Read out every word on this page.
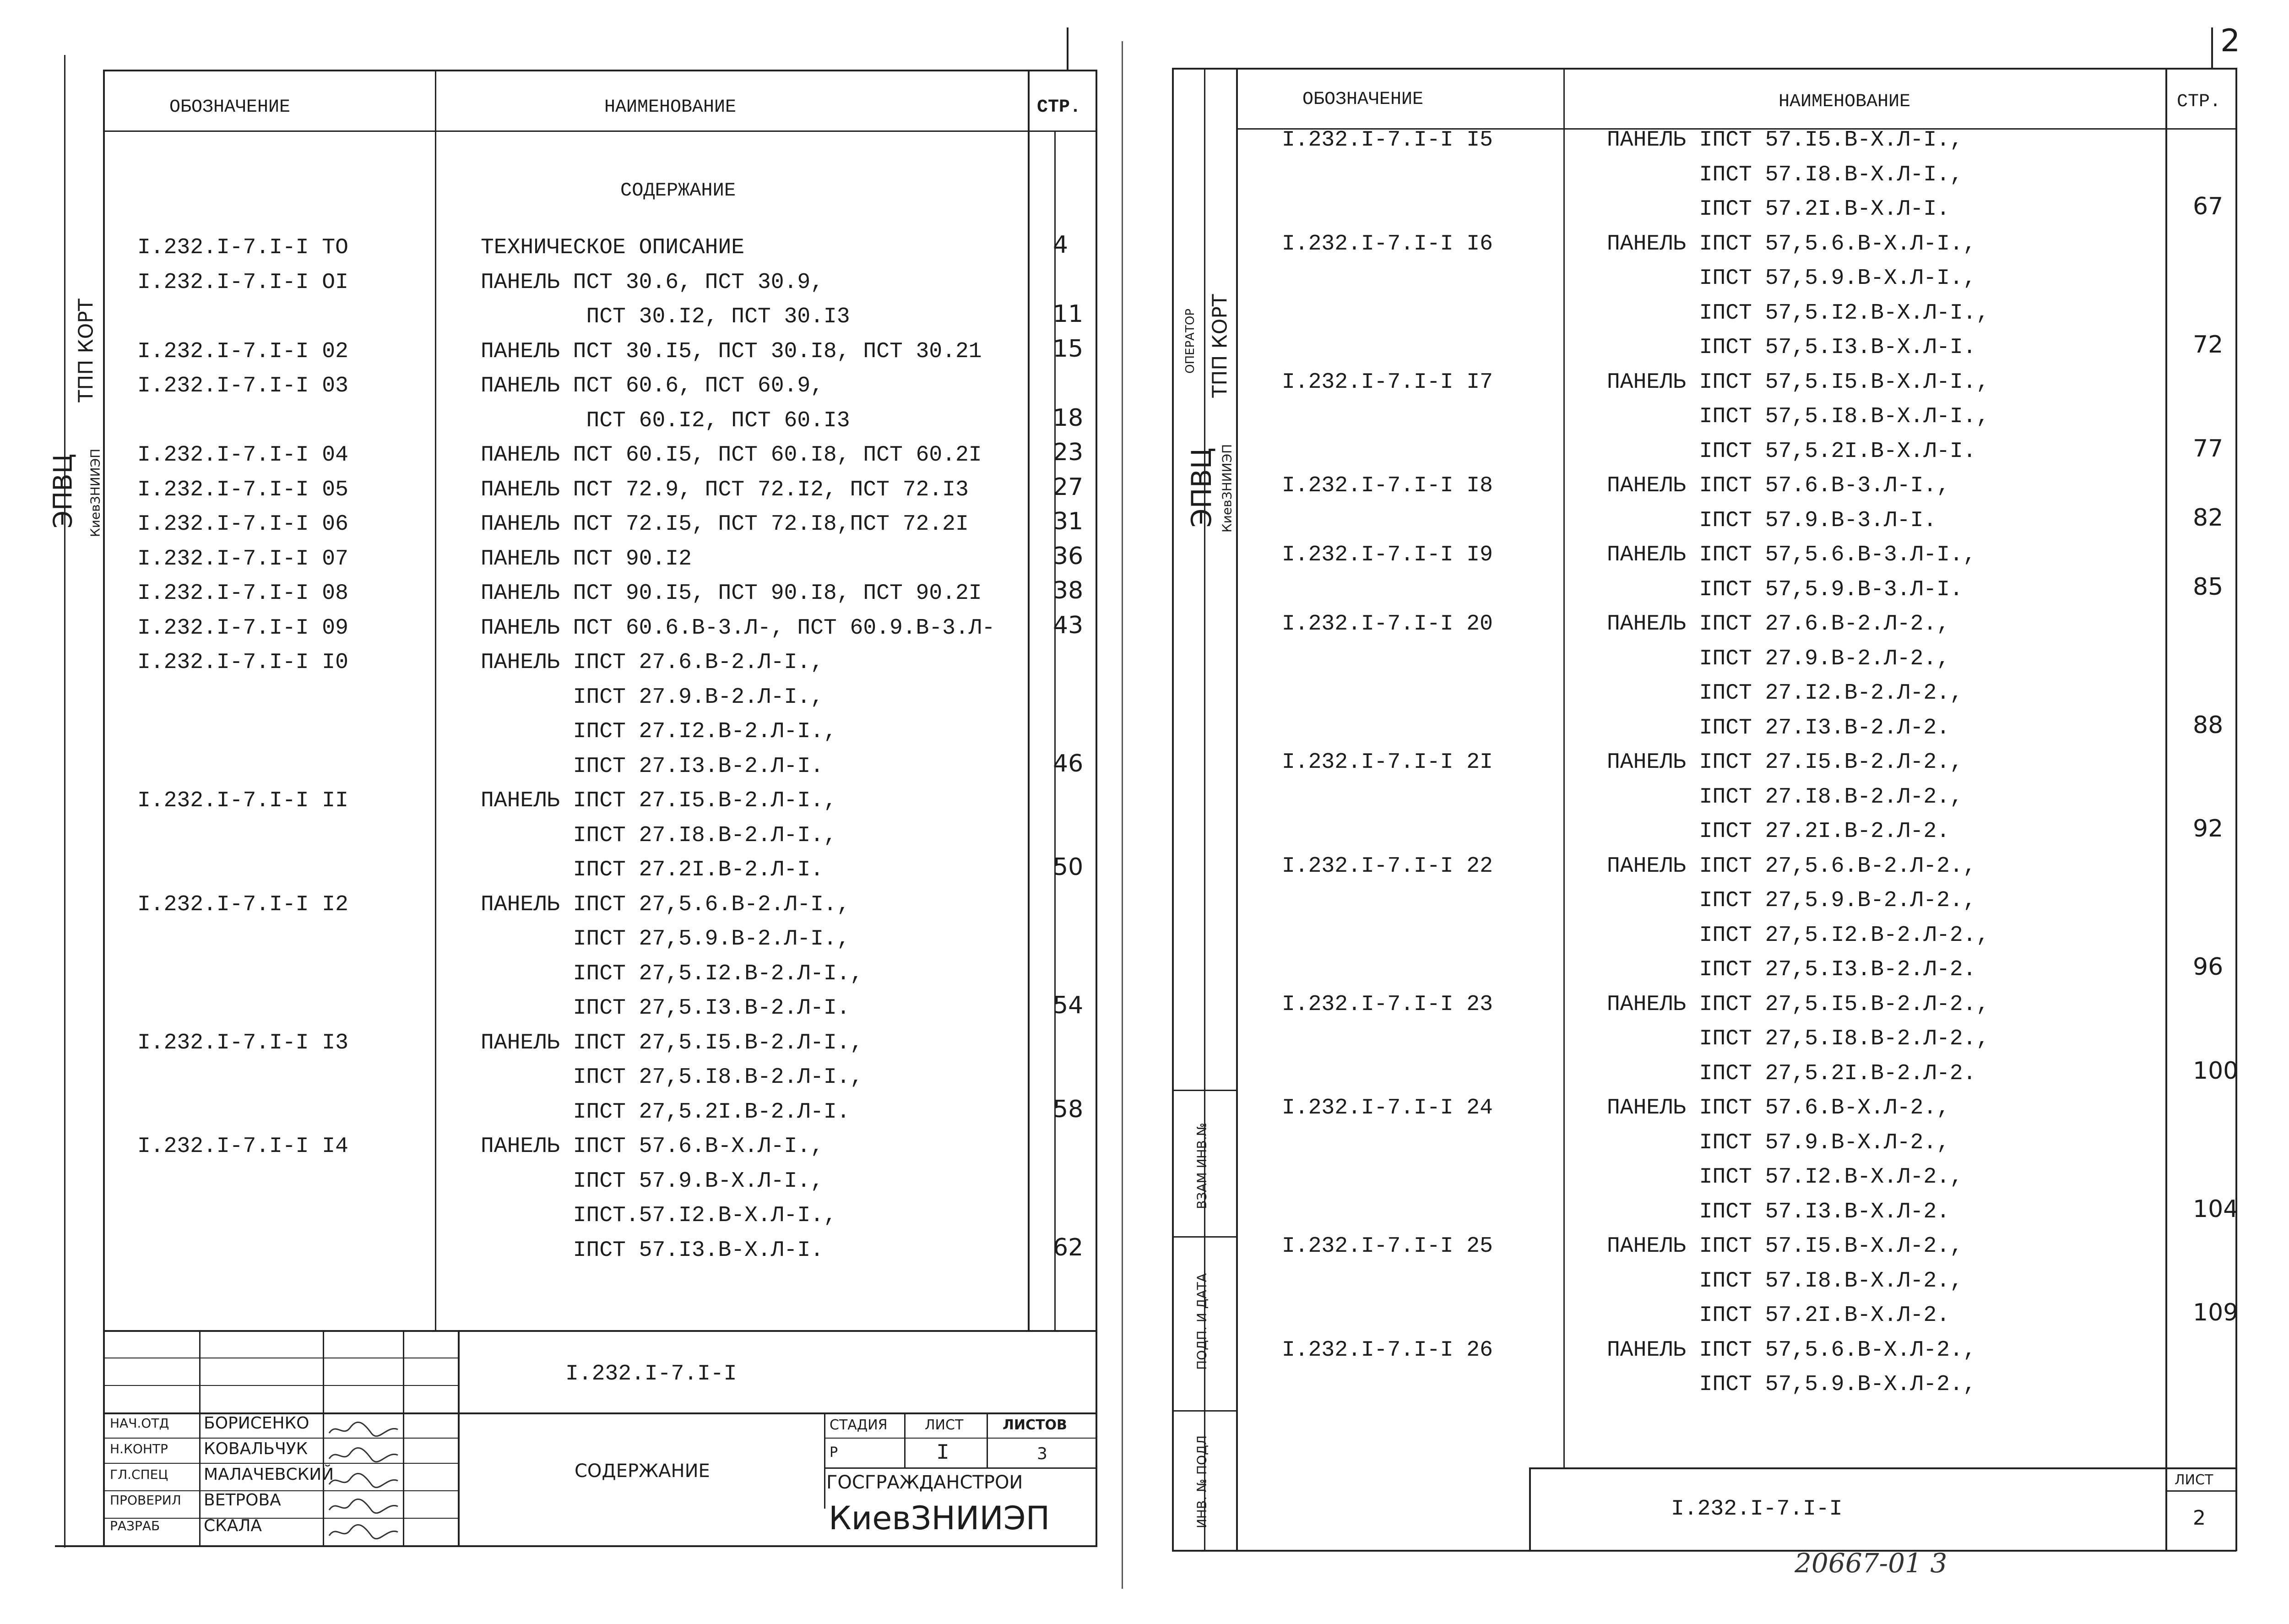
ОБОЗНАЧЕНИЕ	НАИМЕНОВАНИЕ	СТР.
СОДЕРЖАНИЕ
ТПП КОРТ
ЭПВЦ КиевЗНИИЭП
I.232.I-7.I-I ТО	ТЕХНИЧЕСКОЕ ОПИСАНИЕ	4
I.232.I-7.I-I OI	ПАНЕЛЬ ПСТ 30.6, ПСТ 30.9,
ПСТ 30.I2, ПСТ 30.I3	11
I.232.I-7.I-I 02	ПАНЕЛЬ ПСТ 30.I5, ПСТ 30.I8, ПСТ 30.21	15
I.232.I-7.I-I 03	ПАНЕЛЬ ПСТ 60.6, ПСТ 60.9,
ПСТ 60.I2, ПСТ 60.I3	18
I.232.I-7.I-I 04	ПАНЕЛЬ ПСТ 60.I5, ПСТ 60.I8, ПСТ 60.2I	23
I.232.I-7.I-I 05	ПАНЕЛЬ ПСТ 72.9, ПСТ 72.I2, ПСТ 72.I3	27
I.232.I-7.I-I 06	ПАНЕЛЬ ПСТ 72.I5, ПСТ 72.I8,ПСТ 72.2I	31
I.232.I-7.I-I 07	ПАНЕЛЬ ПСТ 90.I2	36
I.232.I-7.I-I 08	ПАНЕЛЬ ПСТ 90.I5, ПСТ 90.I8, ПСТ 90.2I	38
I.232.I-7.I-I 09	ПАНЕЛЬ ПСТ 60.6.В-3.Л-, ПСТ 60.9.В-3.Л- 43
I.232.I-7.I-I I0	ПАНЕЛЬ IПСТ 27.6.В-2.Л-I.,
IПСТ 27.9.В-2.Л-I.,
IПСТ 27.I2.В-2.Л-I.,
IПСТ 27.I3.В-2.Л-I.	46
I.232.I-7.I-I II	ПАНЕЛЬ IПСТ 27.I5.В-2.Л-I.,
IПСТ 27.I8.В-2.Л-I.,
IПСТ 27.2I.В-2.Л-I.	50
I.232.I-7.I-I I2	ПАНЕЛЬ IПСТ 27,5.6.В-2.Л-I.,
IПСТ 27,5.9.В-2.Л-I.,
IПСТ 27,5.I2.В-2.Л-I.,
IПСТ 27,5.I3.В-2.Л-I.	54
I.232.I-7.I-I I3	ПАНЕЛЬ IПСТ 27,5.I5.В-2.Л-I.,
IПСТ 27,5.I8.В-2.Л-I.,
IПСТ 27,5.2I.В-2.Л-I.	58
I.232.I-7.I-I I4	ПАНЕЛЬ IПСТ 57.6.В-Х.Л-I.,
IПСТ 57.9.В-Х.Л-I.,
IПСТ.57.I2.В-Х.Л-I.,
IПСТ 57.I3.В-Х.Л-I.	62
I.232.I-7.I-I
СОДЕРЖАНИЕ
СТАДИЯ	ЛИСТ	ЛИСТОВ
Р	I	3
ГОСГРАЖДАНСТРОИ
КиевЗНИИЭП
НАЧ.ОТД БОРИСЕНКО
Н.КОНТР КОВАЛЬЧУК
ГЛ.СПЕЦ МАЛАЧЕВСКИЙ
ПРОВЕРИЛ ВЕТРОВА
РАЗРАБ	СКАЛА
ОБОЗНАЧЕНИЕ	НАИМЕНОВАНИЕ	СТР.
2
ОПЕРАТОР ТПП КОРТ
ЭПВЦ КиевЗНИИЭП
ВЗАМ ИНВ.№
ПОДП. И ДАТА
ИНВ. № ПОДЛ
I.232.I-7.I-I I5	ПАНЕЛЬ IПСТ 57.I5.В-Х.Л-I.,
IПСТ 57.I8.В-Х.Л-I.,
IПСТ 57.2I.В-Х.Л-I.	67
I.232.I-7.I-I I6	ПАНЕЛЬ IПСТ 57,5.6.В-Х.Л-I.,
IПСТ 57,5.9.В-Х.Л-I.,
IПСТ 57,5.I2.В-Х.Л-I.,
IПСТ 57,5.I3.В-Х.Л-I.	72
I.232.I-7.I-I I7	ПАНЕЛЬ IПСТ 57,5.I5.В-Х.Л-I.,
IПСТ 57,5.I8.В-Х.Л-I.,
IПСТ 57,5.2I.В-Х.Л-I.	77
I.232.I-7.I-I I8	ПАНЕЛЬ IПСТ 57.6.В-3.Л-I.,
IПСТ 57.9.В-3.Л-I.	82
I.232.I-7.I-I I9	ПАНЕЛЬ IПСТ 57,5.6.В-3.Л-I.,
IПСТ 57,5.9.В-3.Л-I.	85
I.232.I-7.I-I 20	ПАНЕЛЬ IПСТ 27.6.В-2.Л-2.,
IПСТ 27.9.В-2.Л-2.,
IПСТ 27.I2.В-2.Л-2.,
IПСТ 27.I3.В-2.Л-2.	88
I.232.I-7.I-I 2I	ПАНЕЛЬ IПСТ 27.I5.В-2.Л-2.,
IПСТ 27.I8.В-2.Л-2.,
IПСТ 27.2I.В-2.Л-2.	92
I.232.I-7.I-I 22	ПАНЕЛЬ IПСТ 27,5.6.В-2.Л-2.,
IПСТ 27,5.9.В-2.Л-2.,
IПСТ 27,5.I2.В-2.Л-2.,
IПСТ 27,5.I3.В-2.Л-2.	96
I.232.I-7.I-I 23	ПАНЕЛЬ IПСТ 27,5.I5.В-2.Л-2.,
IПСТ 27,5.I8.В-2.Л-2.,
IПСТ 27,5.2I.В-2.Л-2.	100
I.232.I-7.I-I 24	ПАНЕЛЬ IПСТ 57.6.В-Х.Л-2.,
IПСТ 57.9.В-Х.Л-2.,
IПСТ 57.I2.В-Х.Л-2.,
IПСТ 57.I3.В-Х.Л-2.	104
I.232.I-7.I-I 25	ПАНЕЛЬ IПСТ 57.I5.В-Х.Л-2.,
IПСТ 57.I8.В-Х.Л-2.,
IПСТ 57.2I.В-Х.Л-2.	109
I.232.I-7.I-I 26	ПАНЕЛЬ IПСТ 57,5.6.В-Х.Л-2.,
IПСТ 57,5.9.В-Х.Л-2.,
I.232.I-7.I-I
ЛИСТ
2
20667-01 3
